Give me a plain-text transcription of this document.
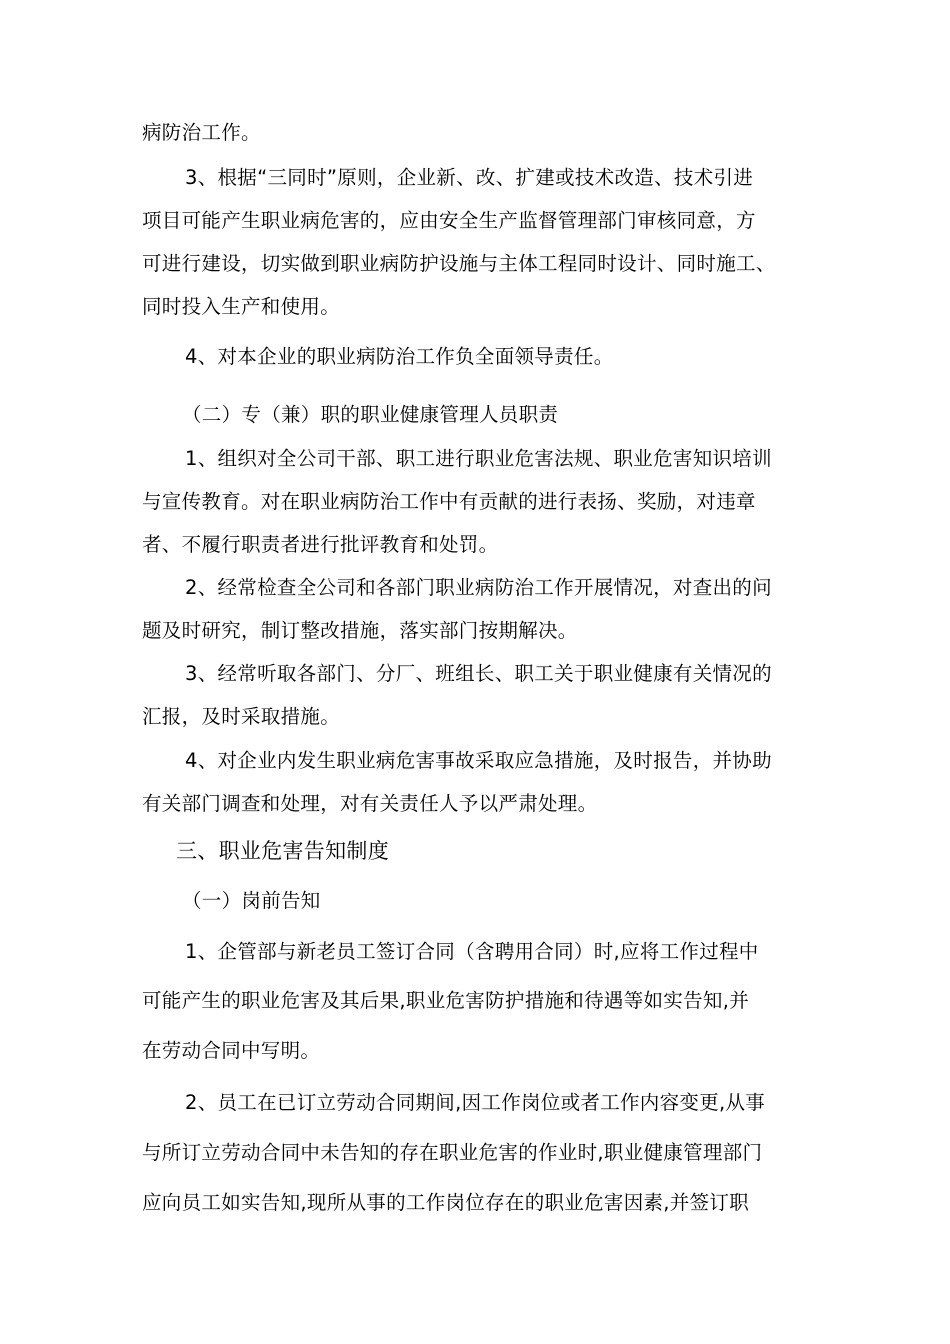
病防治工作。
3、根据“三同时”原则，企业新、改、扩建或技术改造、技术引进
项目可能产生职业病危害的，应由安全生产监督管理部门审核同意，方
可进行建设，切实做到职业病防护设施与主体工程同时设计、同时施工、
同时投入生产和使用。
4、对本企业的职业病防治工作负全面领导责任。
（二）专（兼）职的职业健康管理人员职责
1、组织对全公司干部、职工进行职业危害法规、职业危害知识培训
与宣传教育。对在职业病防治工作中有贡献的进行表扬、奖励，对违章
者、不履行职责者进行批评教育和处罚。
2、经常检查全公司和各部门职业病防治工作开展情况，对查出的问
题及时研究，制订整改措施，落实部门按期解决。
3、经常听取各部门、分厂、班组长、职工关于职业健康有关情况的
汇报，及时采取措施。
4、对企业内发生职业病危害事故采取应急措施，及时报告，并协助
有关部门调查和处理，对有关责任人予以严肃处理。
三、职业危害告知制度
（一）岗前告知
1、企管部与新老员工签订合同（含聘用合同）时,应将工作过程中
可能产生的职业危害及其后果,职业危害防护措施和待遇等如实告知,并
在劳动合同中写明。
2、员工在已订立劳动合同期间,因工作岗位或者工作内容变更,从事
与所订立劳动合同中未告知的存在职业危害的作业时,职业健康管理部门
应向员工如实告知,现所从事的工作岗位存在的职业危害因素,并签订职
